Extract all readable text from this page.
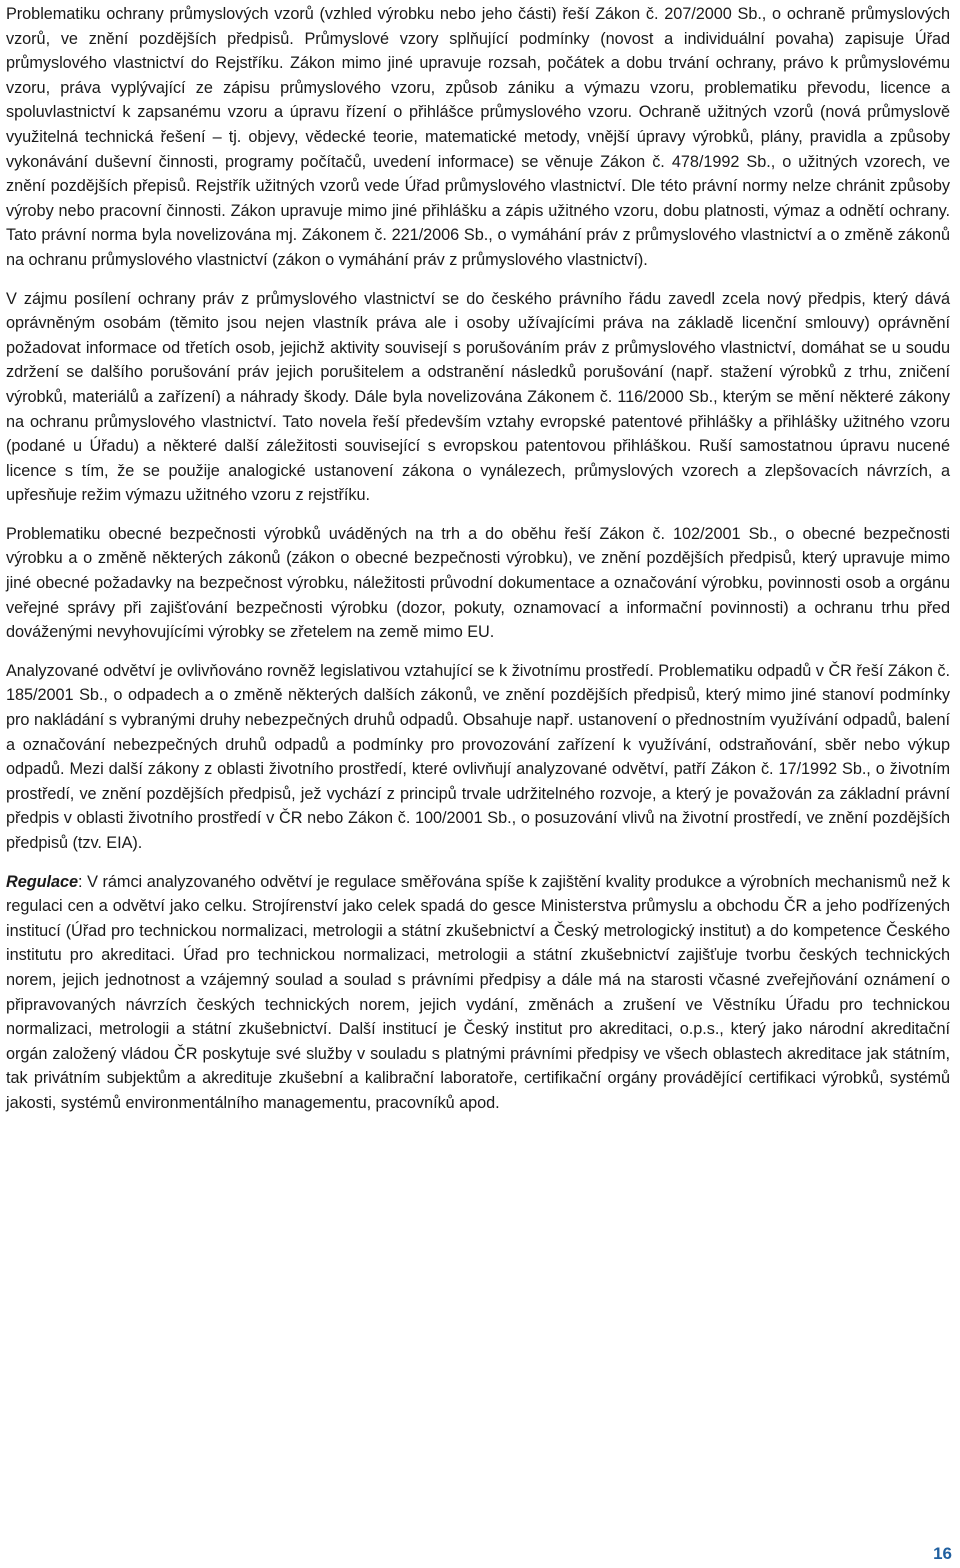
Problematiku ochrany průmyslových vzorů (vzhled výrobku nebo jeho části) řeší Zákon č. 207/2000 Sb., o ochraně průmyslových vzorů, ve znění pozdějších předpisů. Průmyslové vzory splňující podmínky (novost a individuální povaha) zapisuje Úřad průmyslového vlastnictví do Rejstříku. Zákon mimo jiné upravuje rozsah, počátek a dobu trvání ochrany, právo k průmyslovému vzoru, práva vyplývající ze zápisu průmyslového vzoru, způsob zániku a výmazu vzoru, problematiku převodu, licence a spoluvlastnictví k zapsanému vzoru a úpravu řízení o přihlášce průmyslového vzoru. Ochraně užitných vzorů (nová průmyslově využitelná technická řešení – tj. objevy, vědecké teorie, matematické metody, vnější úpravy výrobků, plány, pravidla a způsoby vykonávání duševní činnosti, programy počítačů, uvedení informace) se věnuje Zákon č. 478/1992 Sb., o užitných vzorech, ve znění pozdějších přepisů. Rejstřík užitných vzorů vede Úřad průmyslového vlastnictví. Dle této právní normy nelze chránit způsoby výroby nebo pracovní činnosti. Zákon upravuje mimo jiné přihlášku a zápis užitného vzoru, dobu platnosti, výmaz a odnětí ochrany. Tato právní norma byla novelizována mj. Zákonem č. 221/2006 Sb., o vymáhání práv z průmyslového vlastnictví a o změně zákonů na ochranu průmyslového vlastnictví (zákon o vymáhání práv z průmyslového vlastnictví).

V zájmu posílení ochrany práv z průmyslového vlastnictví se do českého právního řádu zavedl zcela nový předpis, který dává oprávněným osobám (těmito jsou nejen vlastník práva ale i osoby užívajícími práva na základě licenční smlouvy) oprávnění požadovat informace od třetích osob, jejichž aktivity souvisejí s porušováním práv z průmyslového vlastnictví, domáhat se u soudu zdržení se dalšího porušování práv jejich porušitelem a odstranění následků porušování (např. stažení výrobků z trhu, zničení výrobků, materiálů a zařízení) a náhrady škody. Dále byla novelizována Zákonem č. 116/2000 Sb., kterým se mění některé zákony na ochranu průmyslového vlastnictví. Tato novela řeší především vztahy evropské patentové přihlášky a přihlášky užitného vzoru (podané u Úřadu) a některé další záležitosti související s evropskou patentovou přihláškou. Ruší samostatnou úpravu nucené licence s tím, že se použije analogické ustanovení zákona o vynálezech, průmyslových vzorech a zlepšovacích návrzích, a upřesňuje režim výmazu užitného vzoru z rejstříku.

Problematiku obecné bezpečnosti výrobků uváděných na trh a do oběhu řeší Zákon č. 102/2001 Sb., o obecné bezpečnosti výrobku a o změně některých zákonů (zákon o obecné bezpečnosti výrobku), ve znění pozdějších předpisů, který upravuje mimo jiné obecné požadavky na bezpečnost výrobku, náležitosti průvodní dokumentace a označování výrobku, povinnosti osob a orgánu veřejné správy při zajišťování bezpečnosti výrobku (dozor, pokuty, oznamovací a informační povinnosti) a ochranu trhu před dováženými nevyhovujícími výrobky se zřetelem na země mimo EU.

Analyzované odvětví je ovlivňováno rovněž legislativou vztahující se k životnímu prostředí. Problematiku odpadů v ČR řeší Zákon č. 185/2001 Sb., o odpadech a o změně některých dalších zákonů, ve znění pozdějších předpisů, který mimo jiné stanoví podmínky pro nakládání s vybranými druhy nebezpečných druhů odpadů. Obsahuje např. ustanovení o přednostním využívání odpadů, balení a označování nebezpečných druhů odpadů a podmínky pro provozování zařízení k využívání, odstraňování, sběr nebo výkup odpadů. Mezi další zákony z oblasti životního prostředí, které ovlivňují analyzované odvětví, patří Zákon č. 17/1992 Sb., o životním prostředí, ve znění pozdějších předpisů, jež vychází z principů trvale udržitelného rozvoje, a který je považován za základní právní předpis v oblasti životního prostředí v ČR nebo Zákon č. 100/2001 Sb., o posuzování vlivů na životní prostředí, ve znění pozdějších předpisů (tzv. EIA).

Regulace: V rámci analyzovaného odvětví je regulace směřována spíše k zajištění kvality produkce a výrobních mechanismů než k regulaci cen a odvětví jako celku. Strojírenství jako celek spadá do gesce Ministerstva průmyslu a obchodu ČR a jeho podřízených institucí (Úřad pro technickou normalizaci, metrologii a státní zkušebnictví a Český metrologický institut) a do kompetence Českého institutu pro akreditaci. Úřad pro technickou normalizaci, metrologii a státní zkušebnictví zajišťuje tvorbu českých technických norem, jejich jednotnost a vzájemný soulad a soulad s právními předpisy a dále má na starosti včasné zveřejňování oznámení o připravovaných návrzích českých technických norem, jejich vydání, změnách a zrušení ve Věstníku Úřadu pro technickou normalizaci, metrologii a státní zkušebnictví. Další institucí je Český institut pro akreditaci, o.p.s., který jako národní akreditační orgán založený vládou ČR poskytuje své služby v souladu s platnými právními předpisy ve všech oblastech akreditace jak státním, tak privátním subjektům a akredituje zkušební a kalibrační laboratoře, certifikační orgány provádějící certifikaci výrobků, systémů jakosti, systémů environmentálního managementu, pracovníků apod.

16
